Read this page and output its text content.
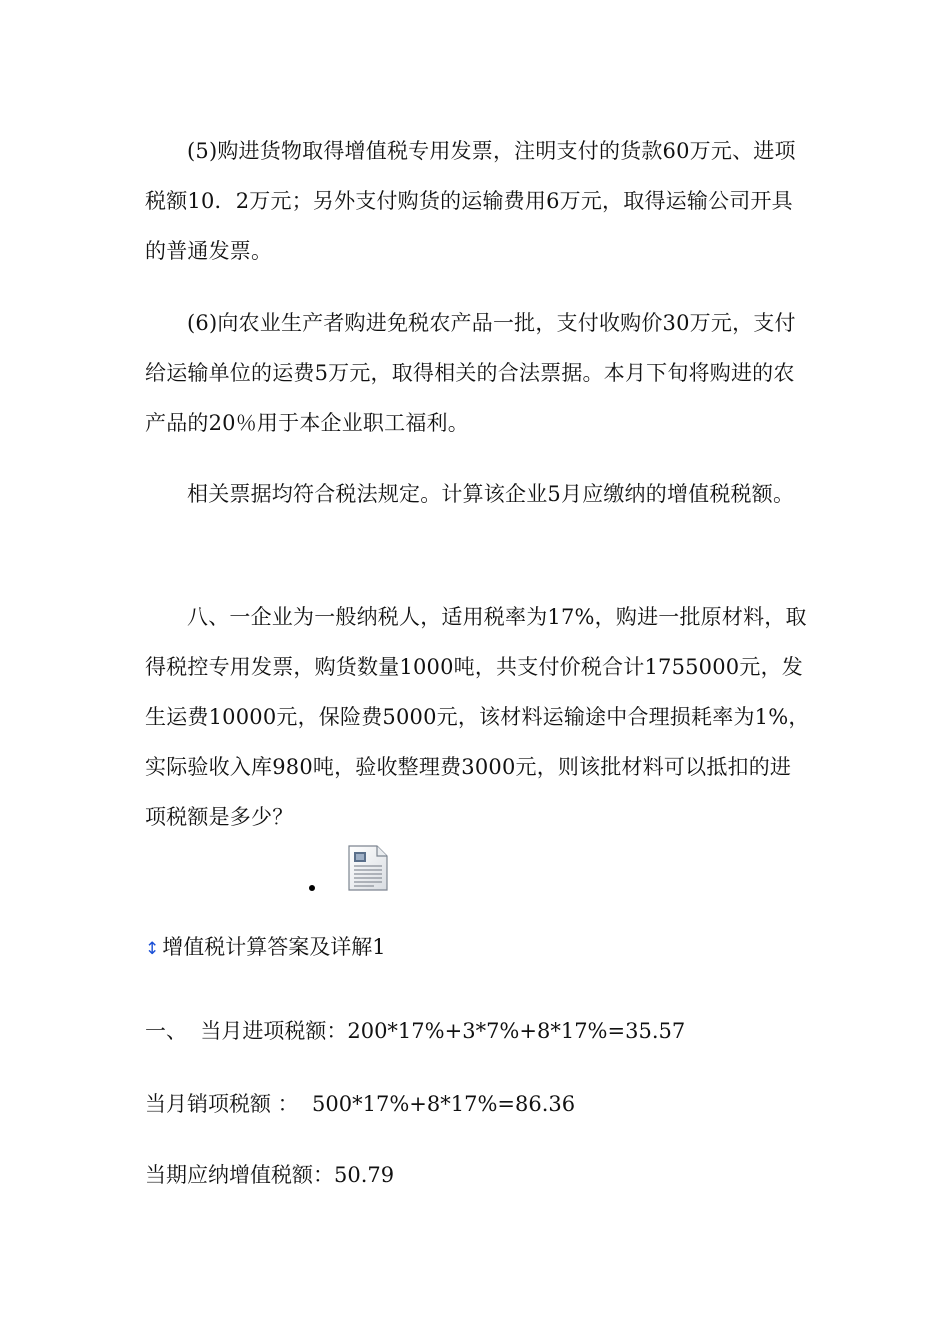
(5)购进货物取得增值税专用发票，注明支付的货款60万元、进项税额10．2万元；另外支付购货的运输费用6万元，取得运输公司开具的普通发票。

(6)向农业生产者购进免税农产品一批，支付收购价30万元，支付给运输单位的运费5万元，取得相关的合法票据。本月下旬将购进的农产品的20％用于本企业职工福利。

相关票据均符合税法规定。计算该企业5月应缴纳的增值税税额。

八、一企业为一般纳税人，适用税率为17%，购进一批原材料，取得税控专用发票，购货数量1000吨，共支付价税合计1755000元，发生运费10000元，保险费5000元，该材料运输途中合理损耗率为1%，实际验收入库980吨，验收整理费3000元，则该批材料可以抵扣的进项税额是多少？

↕ 增值税计算答案及详解1

一、  当月进项税额：200*17%+3*7%+8*17%=35.57

当月销项税额 ：  500*17%+8*17%=86.36

当期应纳增值税额：50.79
